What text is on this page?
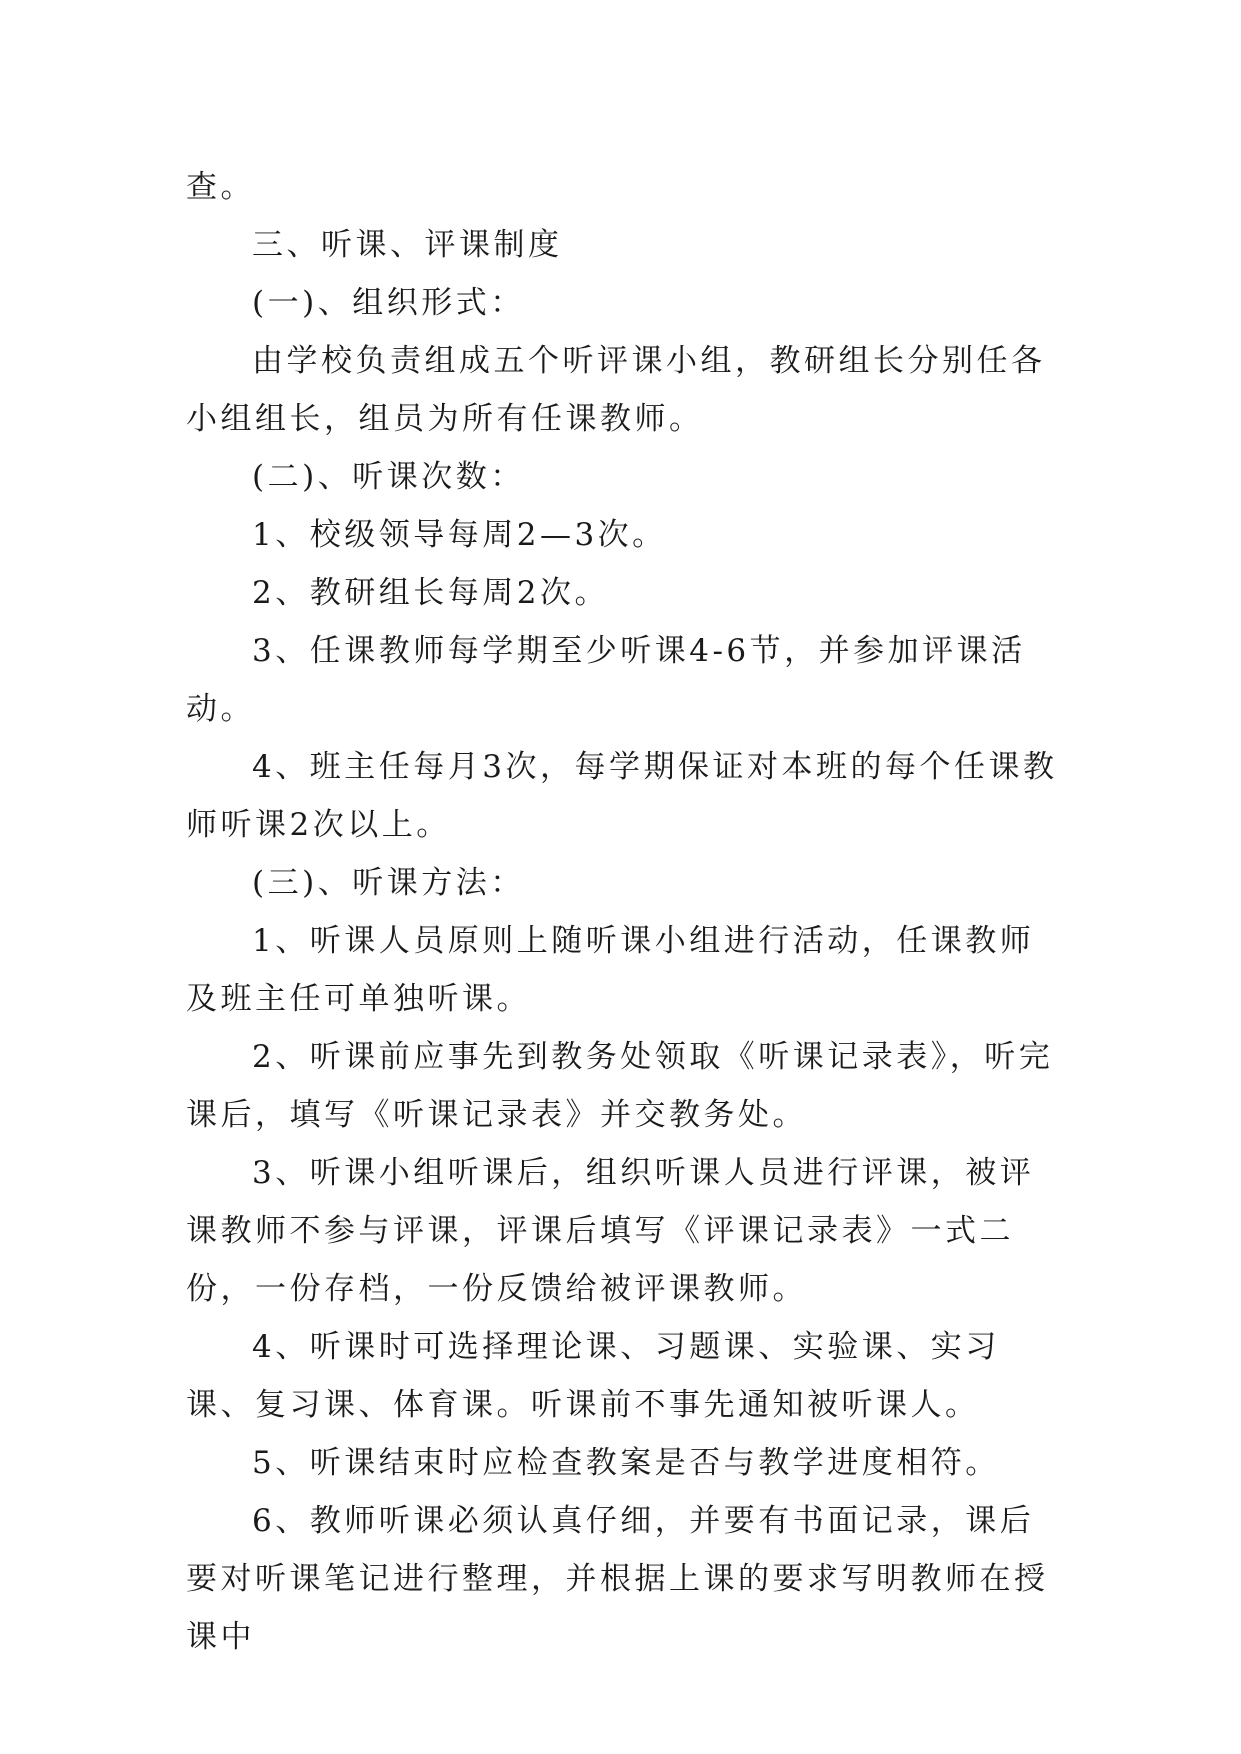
查。

三、听课、评课制度

(一)、组织形式：

由学校负责组成五个听评课小组，教研组长分别任各小组组长，组员为所有任课教师。

(二)、听课次数：

1、校级领导每周2—3次。

2、教研组长每周2次。

3、任课教师每学期至少听课4-6节，并参加评课活动。

4、班主任每月3次，每学期保证对本班的每个任课教师听课2次以上。

(三)、听课方法：

1、听课人员原则上随听课小组进行活动，任课教师及班主任可单独听课。

2、听课前应事先到教务处领取《听课记录表》，听完课后，填写《听课记录表》并交教务处。

3、听课小组听课后，组织听课人员进行评课，被评课教师不参与评课，评课后填写《评课记录表》一式二份，一份存档，一份反馈给被评课教师。

4、听课时可选择理论课、习题课、实验课、实习课、复习课、体育课。听课前不事先通知被听课人。

5、听课结束时应检查教案是否与教学进度相符。

6、教师听课必须认真仔细，并要有书面记录，课后要对听课笔记进行整理，并根据上课的要求写明教师在授课中
